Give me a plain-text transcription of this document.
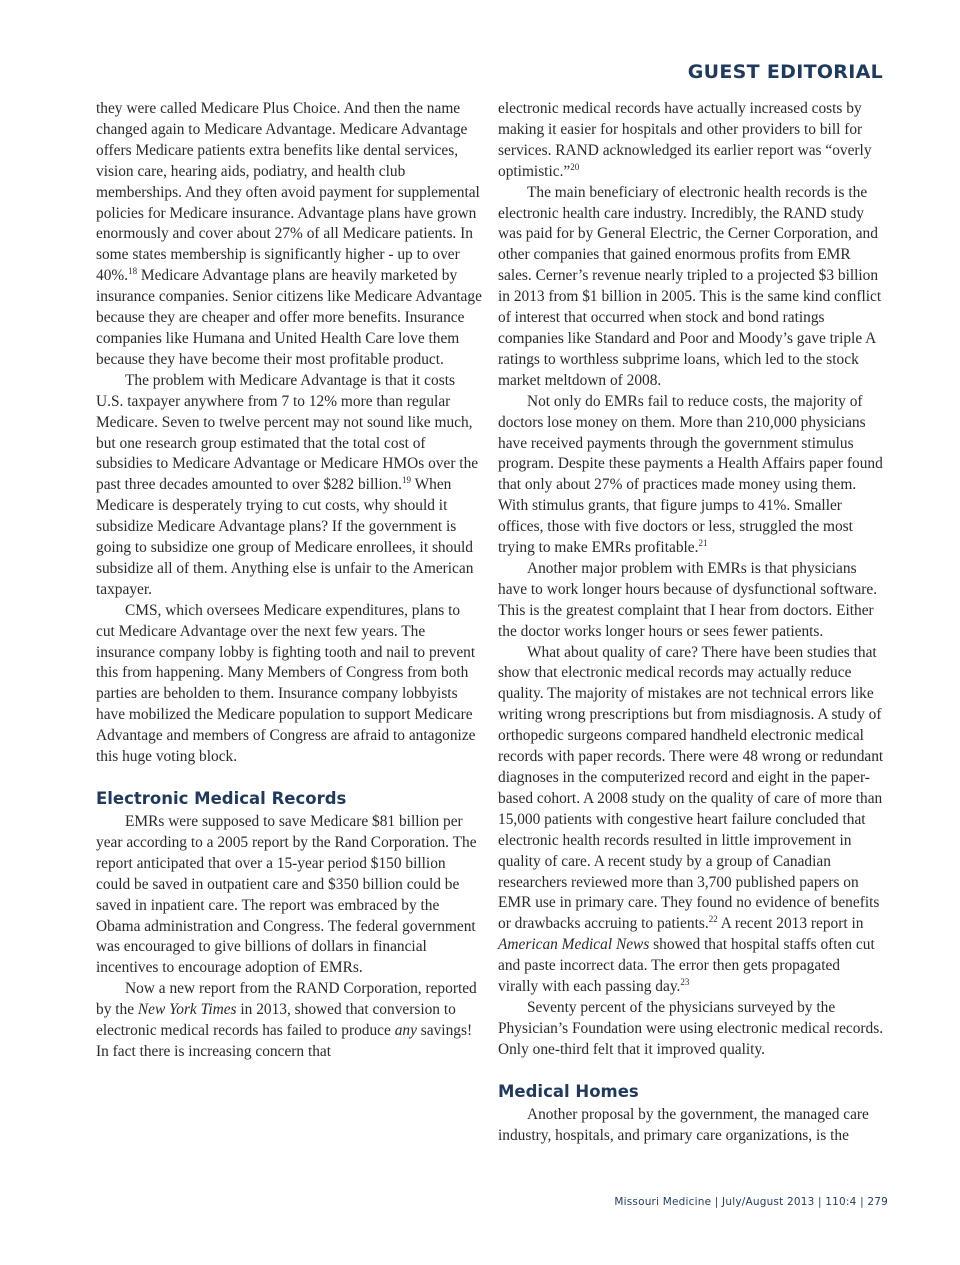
GUEST EDITORIAL

they were called Medicare Plus Choice. And then the name changed again to Medicare Advantage. Medicare Advantage offers Medicare patients extra benefits like dental services, vision care, hearing aids, podiatry, and health club memberships. And they often avoid payment for supplemental policies for Medicare insurance. Advantage plans have grown enormously and cover about 27% of all Medicare patients. In some states membership is significantly higher - up to over 40%.$^{18}$ Medicare Advantage plans are heavily marketed by insurance companies. Senior citizens like Medicare Advantage because they are cheaper and offer more benefits. Insurance companies like Humana and United Health Care love them because they have become their most profitable product.

The problem with Medicare Advantage is that it costs U.S. taxpayer anywhere from 7 to 12% more than regular Medicare. Seven to twelve percent may not sound like much, but one research group estimated that the total cost of subsidies to Medicare Advantage or Medicare HMOs over the past three decades amounted to over $282 billion.$^{19}$ When Medicare is desperately trying to cut costs, why should it subsidize Medicare Advantage plans? If the government is going to subsidize one group of Medicare enrollees, it should subsidize all of them. Anything else is unfair to the American taxpayer.

CMS, which oversees Medicare expenditures, plans to cut Medicare Advantage over the next few years. The insurance company lobby is fighting tooth and nail to prevent this from happening. Many Members of Congress from both parties are beholden to them. Insurance company lobbyists have mobilized the Medicare population to support Medicare Advantage and members of Congress are afraid to antagonize this huge voting block.

Electronic Medical Records

EMRs were supposed to save Medicare $81 billion per year according to a 2005 report by the Rand Corporation. The report anticipated that over a 15-year period $150 billion could be saved in outpatient care and $350 billion could be saved in inpatient care. The report was embraced by the Obama administration and Congress. The federal government was encouraged to give billions of dollars in financial incentives to encourage adoption of EMRs.

Now a new report from the RAND Corporation, reported by the New York Times in 2013, showed that conversion to electronic medical records has failed to produce any savings! In fact there is increasing concern that

electronic medical records have actually increased costs by making it easier for hospitals and other providers to bill for services. RAND acknowledged its earlier report was “overly optimistic.”$^{20}$

The main beneficiary of electronic health records is the electronic health care industry. Incredibly, the RAND study was paid for by General Electric, the Cerner Corporation, and other companies that gained enormous profits from EMR sales. Cerner’s revenue nearly tripled to a projected $3 billion in 2013 from $1 billion in 2005. This is the same kind conflict of interest that occurred when stock and bond ratings companies like Standard and Poor and Moody’s gave triple A ratings to worthless subprime loans, which led to the stock market meltdown of 2008.

Not only do EMRs fail to reduce costs, the majority of doctors lose money on them. More than 210,000 physicians have received payments through the government stimulus program. Despite these payments a Health Affairs paper found that only about 27% of practices made money using them. With stimulus grants, that figure jumps to 41%. Smaller offices, those with five doctors or less, struggled the most trying to make EMRs profitable.$^{21}$

Another major problem with EMRs is that physicians have to work longer hours because of dysfunctional software. This is the greatest complaint that I hear from doctors. Either the doctor works longer hours or sees fewer patients.

What about quality of care? There have been studies that show that electronic medical records may actually reduce quality. The majority of mistakes are not technical errors like writing wrong prescriptions but from misdiagnosis. A study of orthopedic surgeons compared handheld electronic medical records with paper records. There were 48 wrong or redundant diagnoses in the computerized record and eight in the paper-based cohort. A 2008 study on the quality of care of more than 15,000 patients with congestive heart failure concluded that electronic health records resulted in little improvement in quality of care. A recent study by a group of Canadian researchers reviewed more than 3,700 published papers on EMR use in primary care. They found no evidence of benefits or drawbacks accruing to patients.$^{22}$ A recent 2013 report in American Medical News showed that hospital staffs often cut and paste incorrect data. The error then gets propagated virally with each passing day.$^{23}$

Seventy percent of the physicians surveyed by the Physician’s Foundation were using electronic medical records. Only one-third felt that it improved quality.

Medical Homes

Another proposal by the government, the managed care industry, hospitals, and primary care organizations, is the

Missouri Medicine | July/August 2013 | 110:4 | 279
